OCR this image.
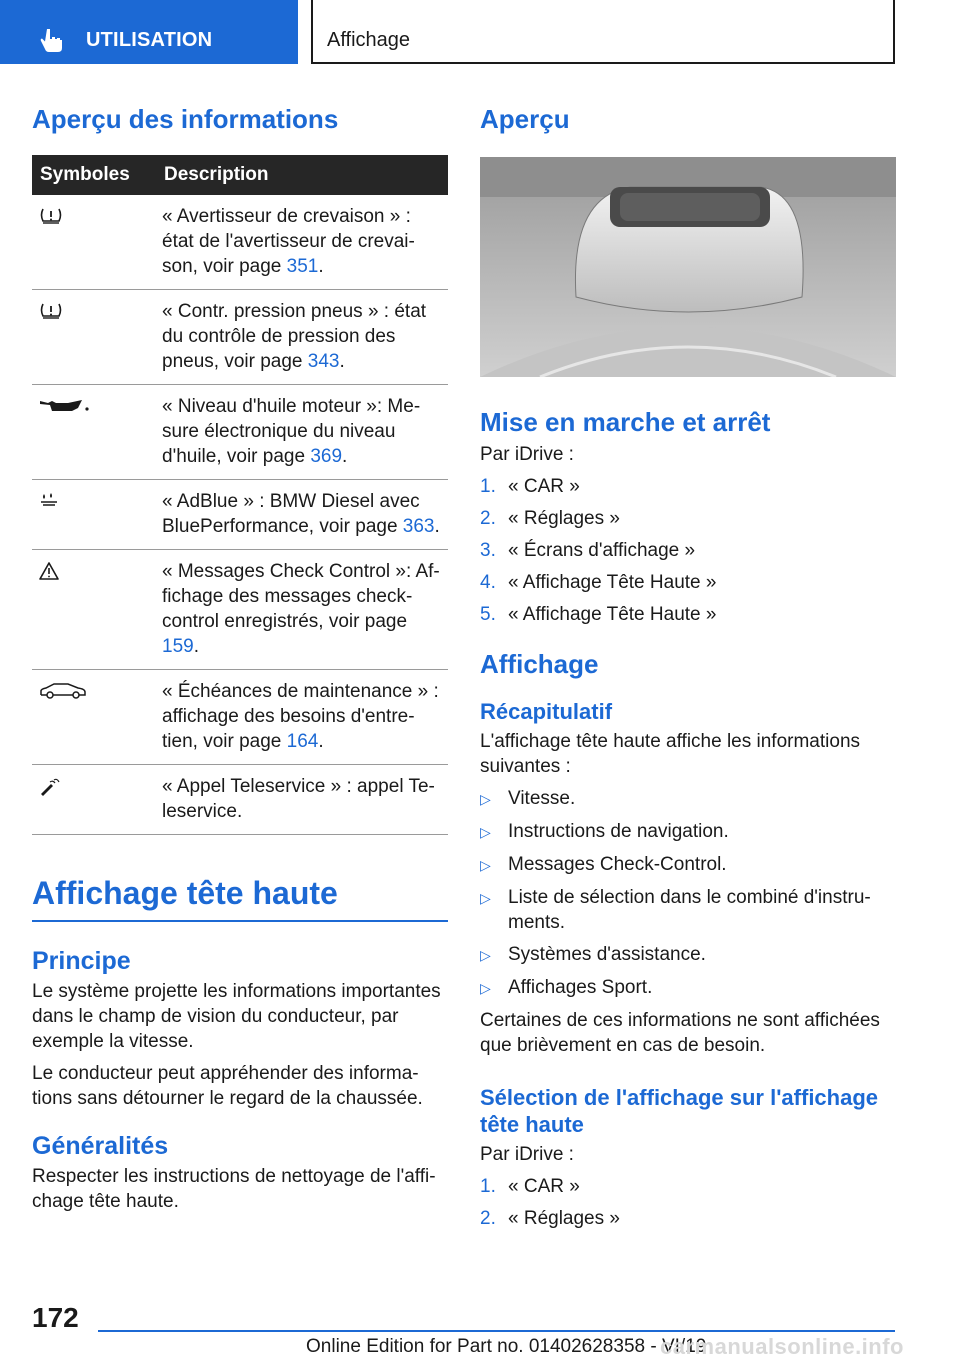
UTILISATION	Affichage
Aperçu des informations
Symboles	Description

	« Avertisseur de crevaison » : état de l'avertisseur de crevai-son, voir page 351.

	« Contr. pression pneus » : état du contrôle de pression des pneus, voir page 343.

	« Niveau d'huile moteur »: Me-sure électronique du niveau d'huile, voir page 369.

	« AdBlue » : BMW Diesel avec BluePerformance, voir page 363.

	« Messages Check Control »: Af-fichage des messages check-control enregistrés, voir page 159.

	« Échéances de maintenance » : affichage des besoins d'entre-tien, voir page 164.

	« Appel Teleservice » : appel Te-leservice.
Affichage tête haute
Principe

Le système projette les informations importantes dans le champ de vision du conducteur, par exemple la vitesse.

Le conducteur peut appréhender des informa-tions sans détourner le regard de la chaussée.

Généralités

Respecter les instructions de nettoyage de l'affi-chage tête haute.

Aperçu
Mise en marche et arrêt

Par iDrive :

1. « CAR »
2. « Réglages »
3. « Écrans d'affichage »
4. « Affichage Tête Haute »
5. « Affichage Tête Haute »
Affichage
Récapitulatif

L'affichage tête haute affiche les informations suivantes :

▷ Vitesse.
▷ Instructions de navigation.
▷ Messages Check-Control.
▷ Liste de sélection dans le combiné d'instru-ments.
▷ Systèmes d'assistance.
▷ Affichages Sport.

Certaines de ces informations ne sont affichées que brièvement en cas de besoin.

Sélection de l'affichage sur l'affichage tête haute

Par iDrive :

1. « CAR »
2. « Réglages »
172
Online Edition for Part no. 01402628358 - VI/19
carmanualsonline.info
